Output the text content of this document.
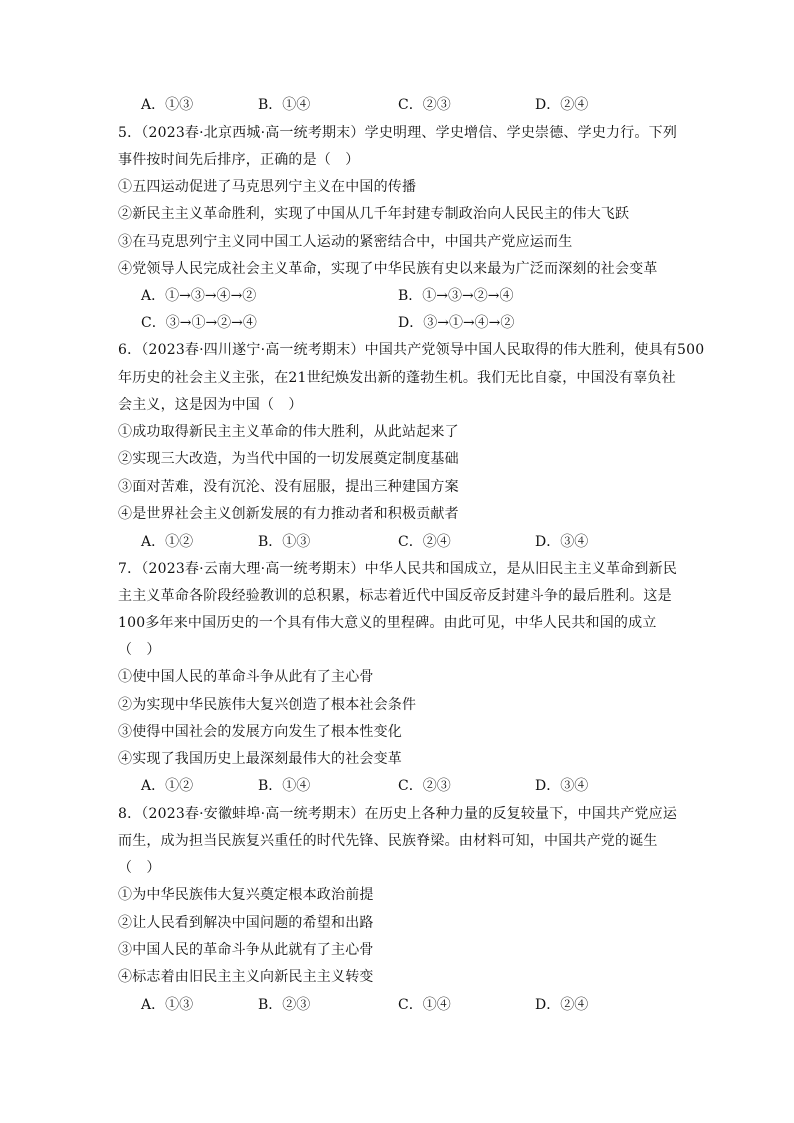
A．①③	B．①④	C．②③	D．②④
5．（2023春·北京西城·高一统考期末）学史明理、学史增信、学史崇德、学史力行。下列
事件按时间先后排序，正确的是（　）
①五四运动促进了马克思列宁主义在中国的传播
②新民主主义革命胜利，实现了中国从几千年封建专制政治向人民民主的伟大飞跃
③在马克思列宁主义同中国工人运动的紧密结合中，中国共产党应运而生
④党领导人民完成社会主义革命，实现了中华民族有史以来最为广泛而深刻的社会变革
A．①→③→④→②	B．①→③→②→④
C．③→①→②→④	D．③→①→④→②
6．（2023春·四川遂宁·高一统考期末）中国共产党领导中国人民取得的伟大胜利，使具有500
年历史的社会主义主张，在21世纪焕发出新的蓬勃生机。我们无比自豪，中国没有辜负社
会主义，这是因为中国（　）
①成功取得新民主主义革命的伟大胜利，从此站起来了
②实现三大改造，为当代中国的一切发展奠定制度基础
③面对苦难，没有沉沦、没有屈服，提出三种建国方案
④是世界社会主义创新发展的有力推动者和积极贡献者
A．①②	B．①③	C．②④	D．③④
7．（2023春·云南大理·高一统考期末）中华人民共和国成立，是从旧民主主义革命到新民
主主义革命各阶段经验教训的总积累，标志着近代中国反帝反封建斗争的最后胜利。这是
100多年来中国历史的一个具有伟大意义的里程碑。由此可见，中华人民共和国的成立
（　）
①使中国人民的革命斗争从此有了主心骨
②为实现中华民族伟大复兴创造了根本社会条件
③使得中国社会的发展方向发生了根本性变化
④实现了我国历史上最深刻最伟大的社会变革
A．①②	B．①④	C．②③	D．③④
8．（2023春·安徽蚌埠·高一统考期末）在历史上各种力量的反复较量下，中国共产党应运
而生，成为担当民族复兴重任的时代先锋、民族脊梁。由材料可知，中国共产党的诞生
（　）
①为中华民族伟大复兴奠定根本政治前提
②让人民看到解决中国问题的希望和出路
③中国人民的革命斗争从此就有了主心骨
④标志着由旧民主主义向新民主主义转变
A．①③	B．②③	C．①④	D．②④
